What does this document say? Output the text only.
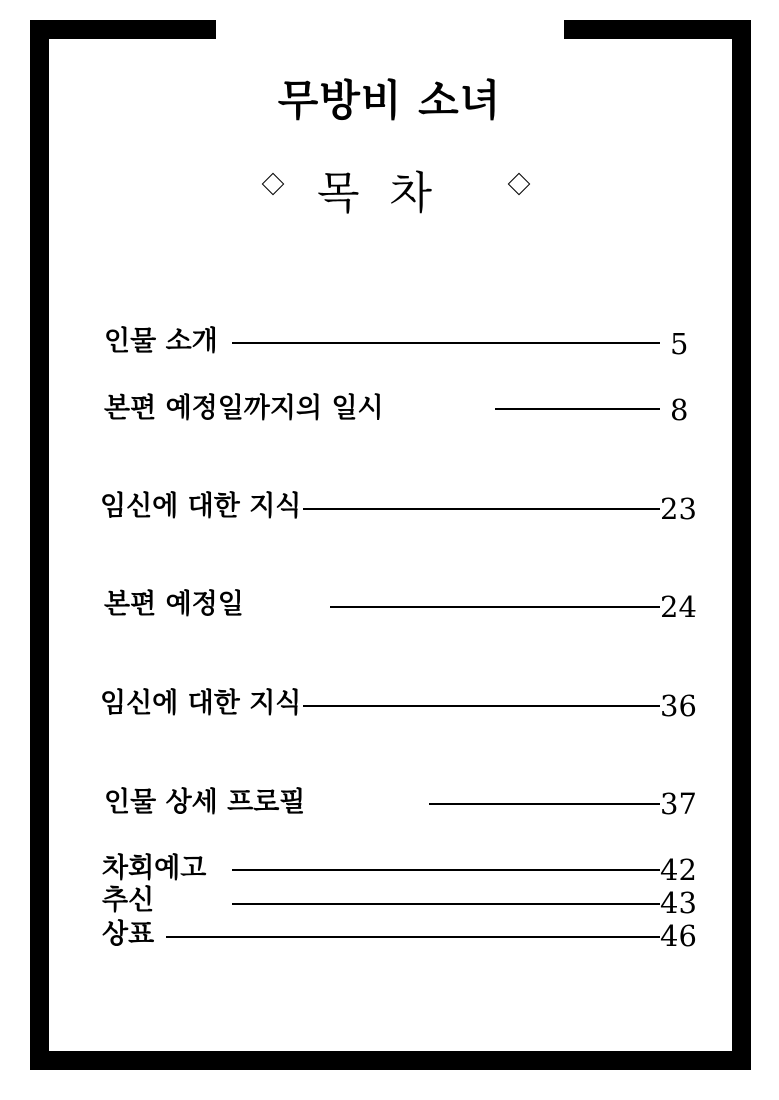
무방비 소녀
목차
인물 소개	5
본편 예정일까지의 일시	8
임신에 대한 지식	23
본편 예정일	24
임신에 대한 지식	36
인물 상세 프로필	37
차회예고	42
추신	43
상표	46
